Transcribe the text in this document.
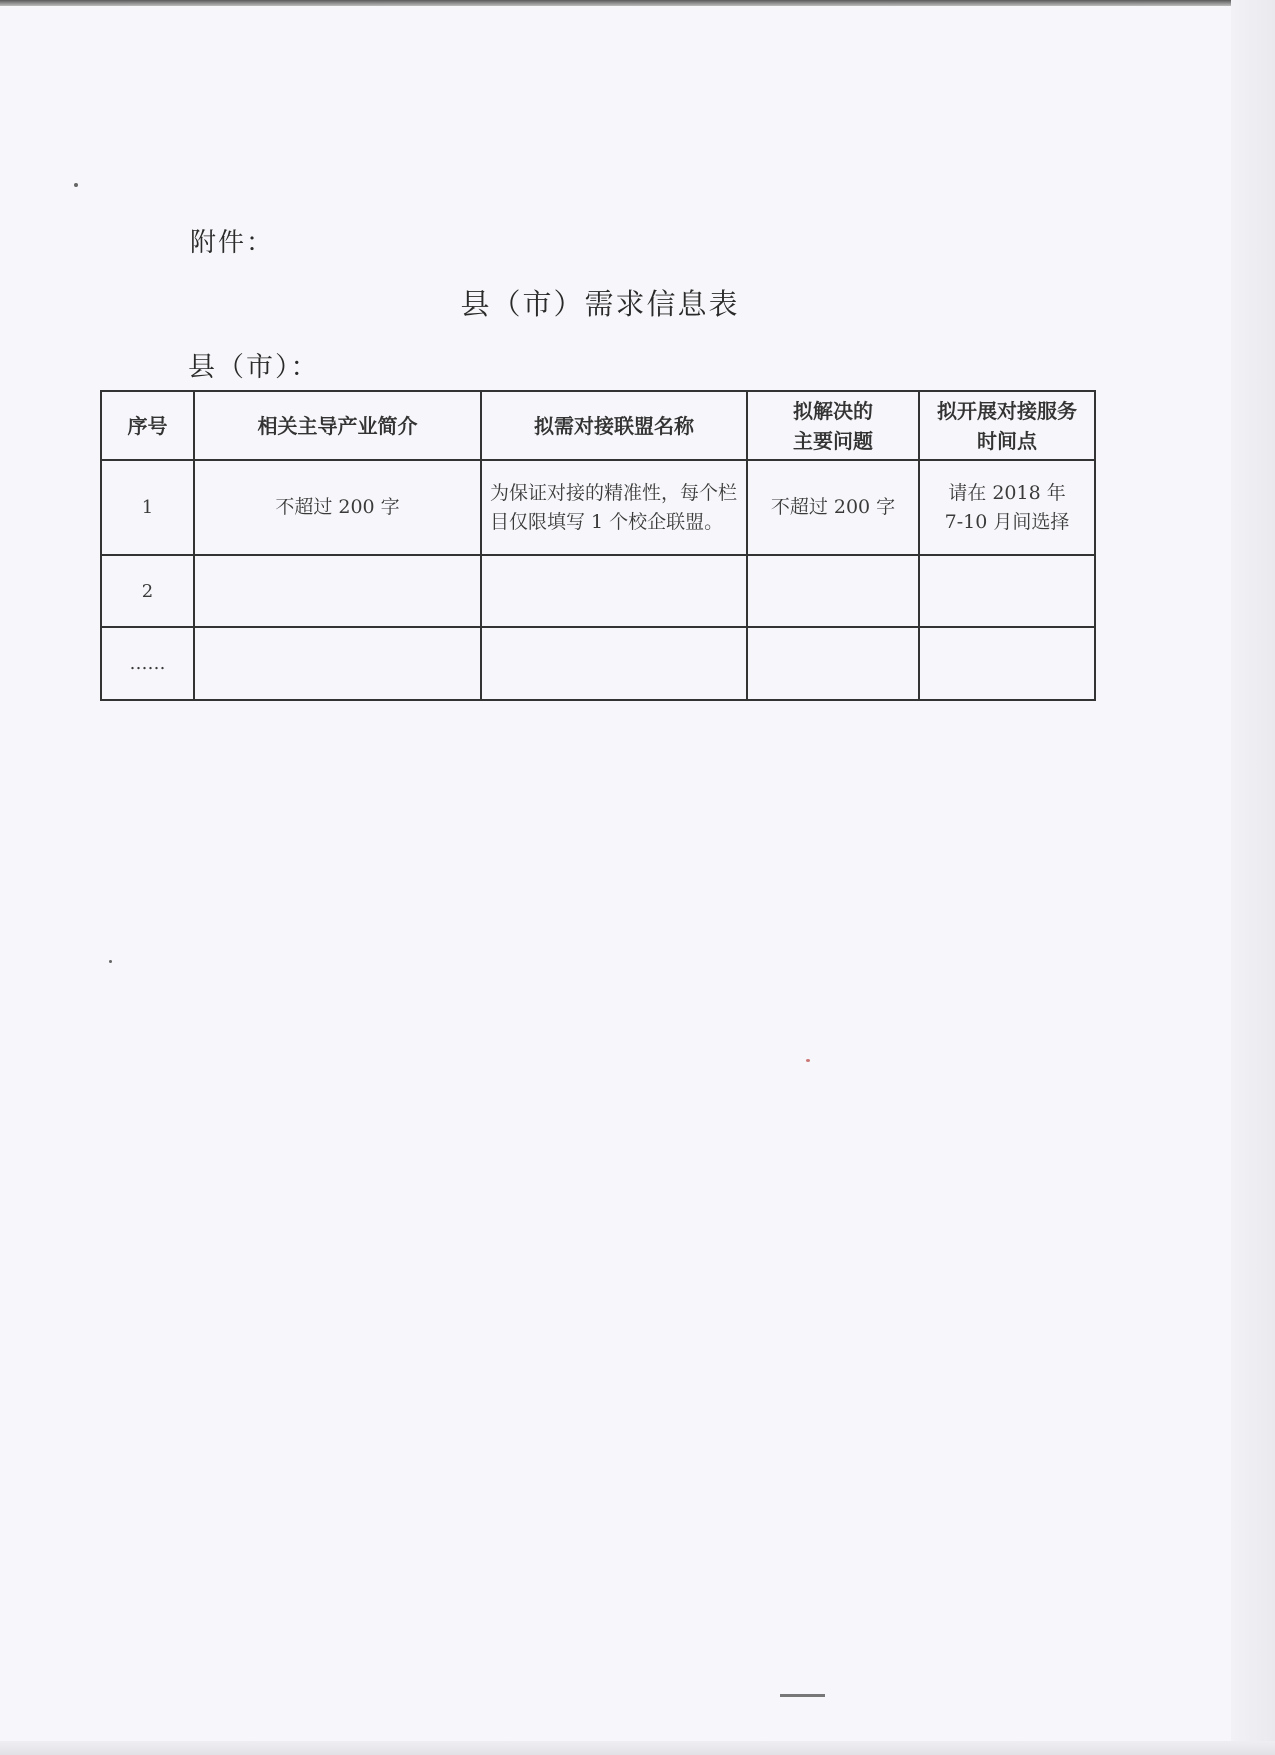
附件：
县（市）需求信息表
县（市）：
序号	相关主导产业简介	拟需对接联盟名称	拟解决的主要问题	拟开展对接服务时间点

1	不超过 200 字	为保证对接的精准性，每个栏目仅限填写 1 个校企联盟。	不超过 200 字	请在 2018 年 7-10 月间选择
2				
……				
